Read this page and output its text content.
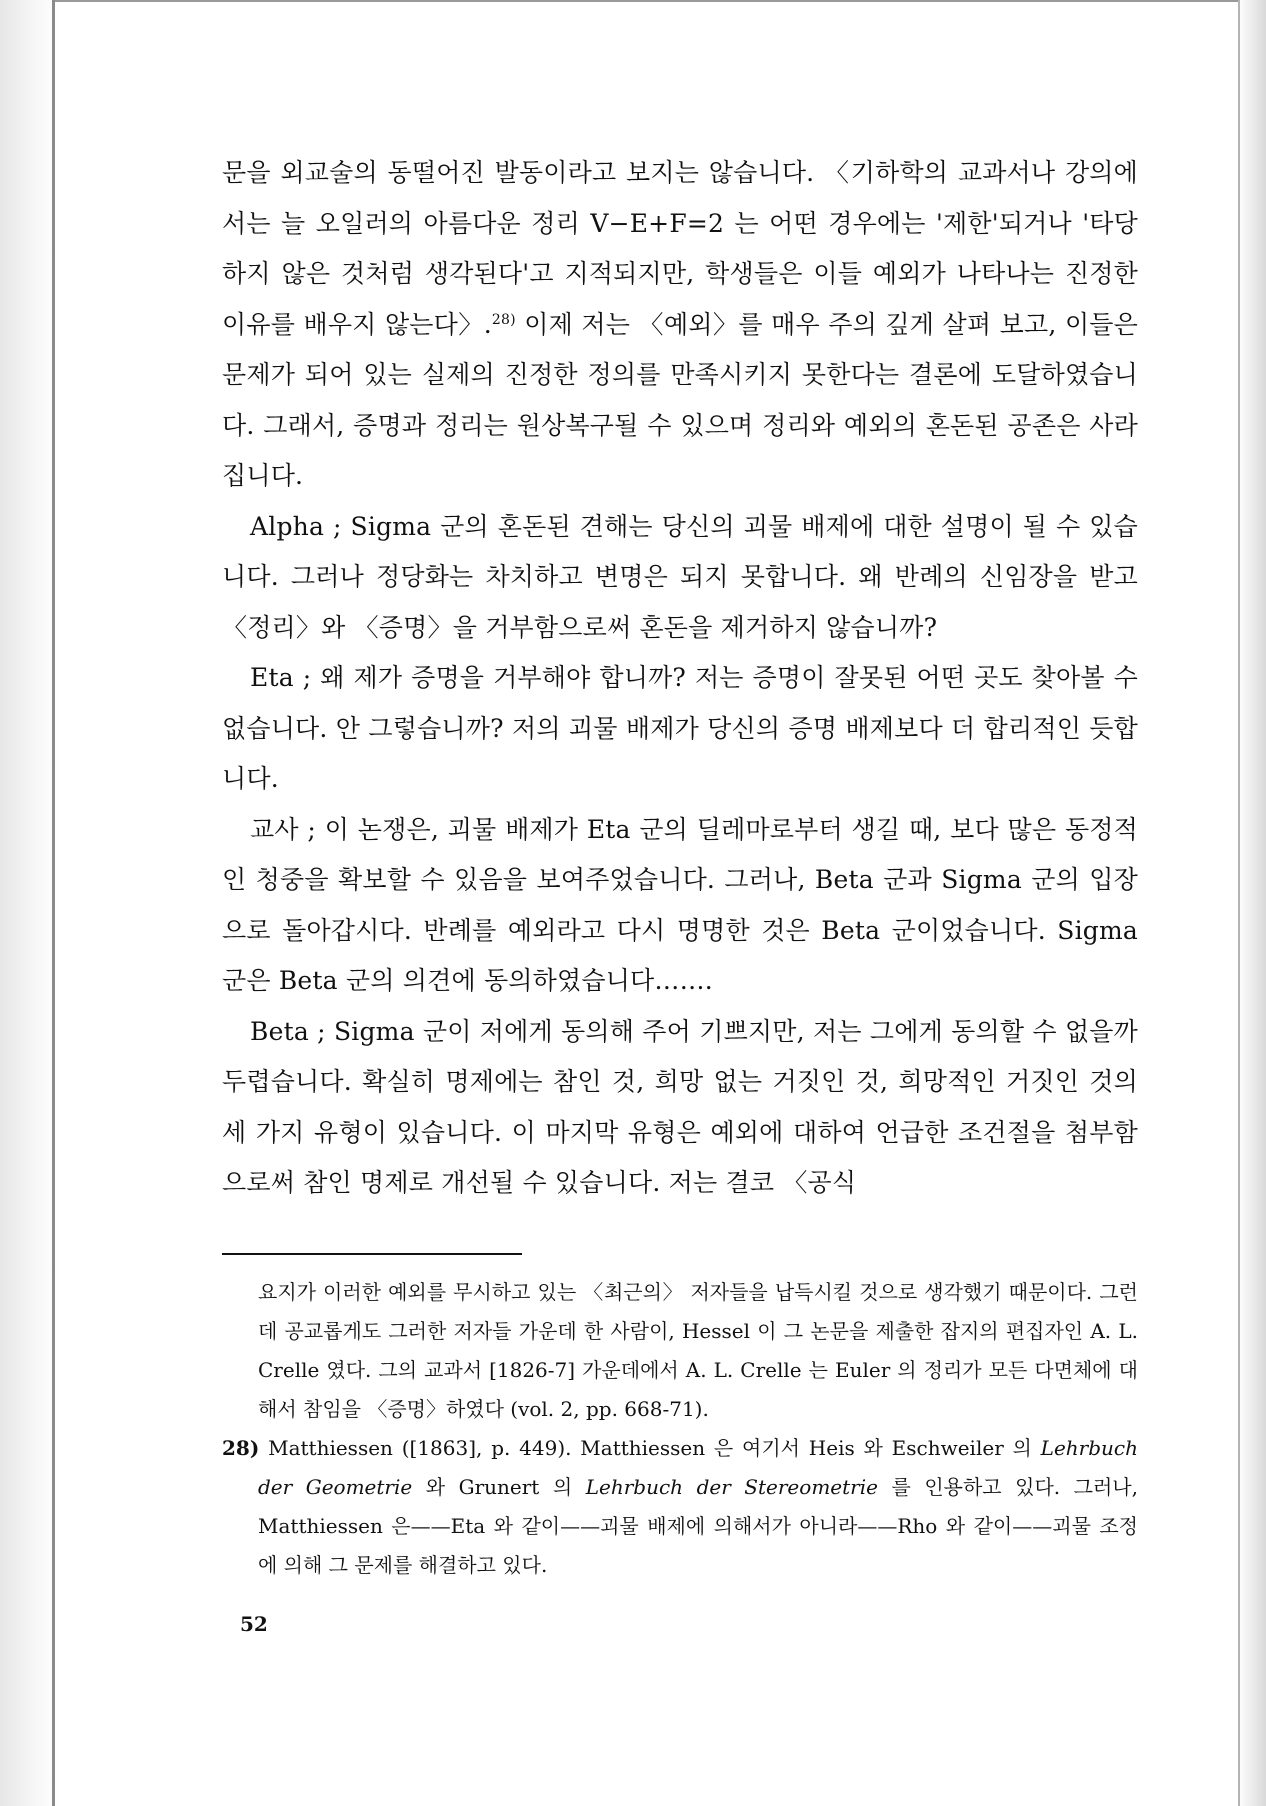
문을 외교술의 동떨어진 발동이라고 보지는 않습니다. 〈기하학의 교과서나 강의에서는 늘 오일러의 아름다운 정리 V−E+F=2 는 어떤 경우에는 '제한'되거나 '타당하지 않은 것처럼 생각된다'고 지적되지만, 학생들은 이들 예외가 나타나는 진정한 이유를 배우지 않는다〉.$^{28)}$ 이제 저는 〈예외〉를 매우 주의 깊게 살펴 보고, 이들은 문제가 되어 있는 실제의 진정한 정의를 만족시키지 못한다는 결론에 도달하였습니다. 그래서, 증명과 정리는 원상복구될 수 있으며 정리와 예외의 혼돈된 공존은 사라집니다.

Alpha ; Sigma 군의 혼돈된 견해는 당신의 괴물 배제에 대한 설명이 될 수 있습니다. 그러나 정당화는 차치하고 변명은 되지 못합니다. 왜 반례의 신임장을 받고 〈정리〉와 〈증명〉을 거부함으로써 혼돈을 제거하지 않습니까?

Eta ; 왜 제가 증명을 거부해야 합니까? 저는 증명이 잘못된 어떤 곳도 찾아볼 수 없습니다. 안 그렇습니까? 저의 괴물 배제가 당신의 증명 배제보다 더 합리적인 듯합니다.

교사 ; 이 논쟁은, 괴물 배제가 Eta 군의 딜레마로부터 생길 때, 보다 많은 동정적인 청중을 확보할 수 있음을 보여주었습니다. 그러나, Beta 군과 Sigma 군의 입장으로 돌아갑시다. 반례를 예외라고 다시 명명한 것은 Beta 군이었습니다. Sigma 군은 Beta 군의 의견에 동의하였습니다…….

Beta ; Sigma 군이 저에게 동의해 주어 기쁘지만, 저는 그에게 동의할 수 없을까 두렵습니다. 확실히 명제에는 참인 것, 희망 없는 거짓인 것, 희망적인 거짓인 것의 세 가지 유형이 있습니다. 이 마지막 유형은 예외에 대하여 언급한 조건절을 첨부함으로써 참인 명제로 개선될 수 있습니다. 저는 결코 〈공식

요지가 이러한 예외를 무시하고 있는 〈최근의〉 저자들을 납득시킬 것으로 생각했기 때문이다. 그런데 공교롭게도 그러한 저자들 가운데 한 사람이, Hessel 이 그 논문을 제출한 잡지의 편집자인 A. L. Crelle 였다. 그의 교과서 [1826-7] 가운데에서 A. L. Crelle 는 Euler 의 정리가 모든 다면체에 대해서 참임을 〈증명〉하였다 (vol. 2, pp. 668-71).

28) Matthiessen ([1863], p. 449). Matthiessen 은 여기서 Heis 와 Eschweiler 의 Lehrbuch der Geometrie 와 Grunert 의 Lehrbuch der Stereometrie 를 인용하고 있다. 그러나, Matthiessen 은——Eta 와 같이——괴물 배제에 의해서가 아니라——Rho 와 같이——괴물 조정에 의해 그 문제를 해결하고 있다.

52
